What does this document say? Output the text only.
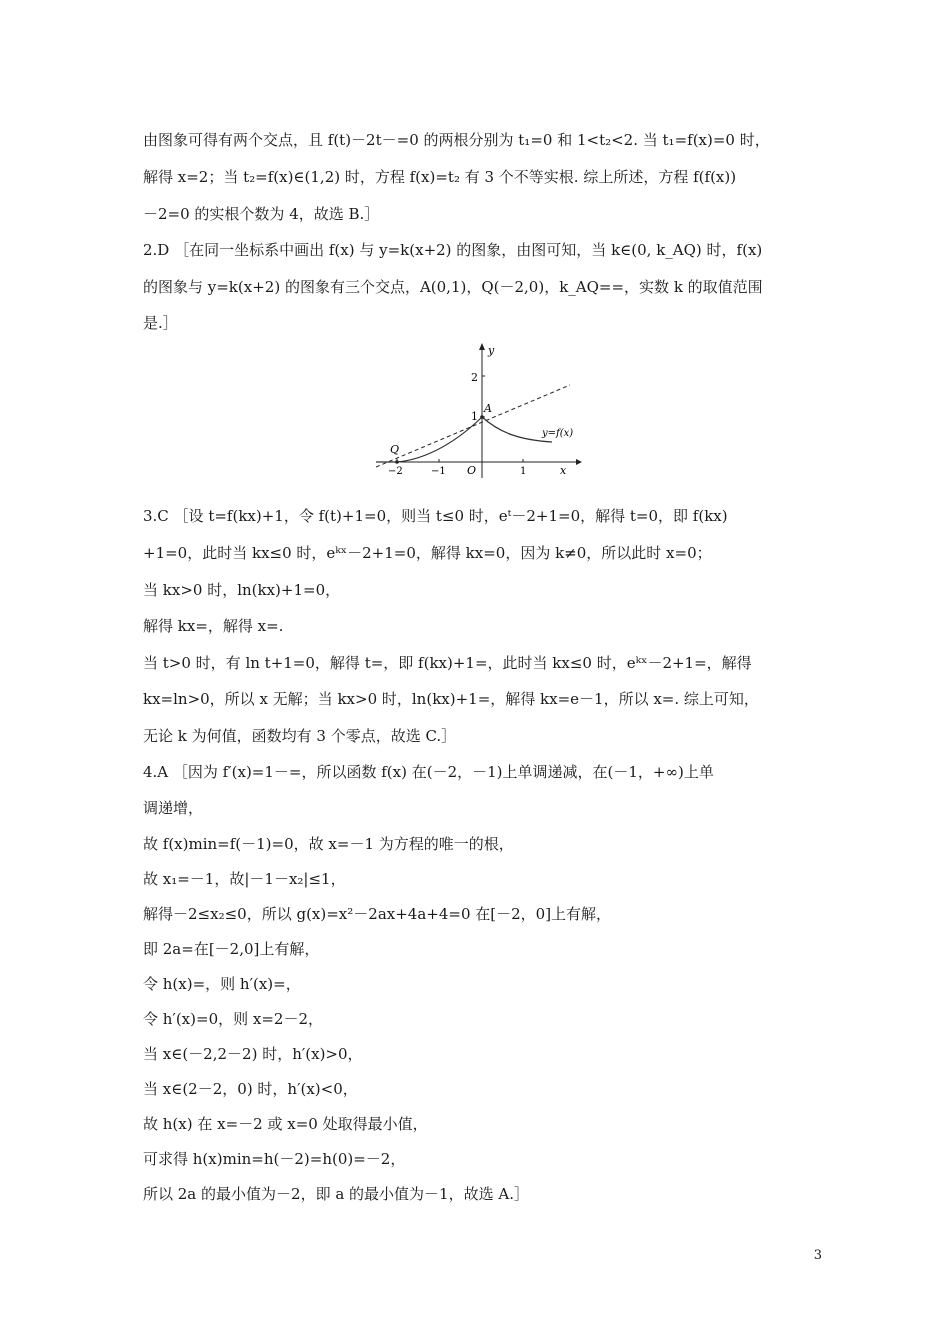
由图象可得有两个交点，且 f(t)－2t－=0 的两根分别为 t₁=0 和 1<t₂<2. 当 t₁=f(x)=0 时，
解得 x=2；当 t₂=f(x)∈(1,2) 时，方程 f(x)=t₂ 有 3 个不等实根. 综上所述，方程 f(f(x))
－2=0 的实根个数为 4，故选 B.］
2.D ［在同一坐标系中画出 f(x) 与 y=k(x+2) 的图象，由图可知，当 k∈(0, k_AQ) 时，f(x)
的图象与 y=k(x+2) 的图象有三个交点，A(0,1)，Q(－2,0)，k_AQ==，实数 k 的取值范围
是.］
y
x
O
2
1
−2	−1	1
A
Q
y=f(x)
3.C ［设 t=f(kx)+1，令 f(t)+1=0，则当 t≤0 时，eᵗ－2+1=0，解得 t=0，即 f(kx)
+1=0，此时当 kx≤0 时，eᵏˣ－2+1=0，解得 kx=0，因为 k≠0，所以此时 x=0；
当 kx>0 时，ln(kx)+1=0，
解得 kx=，解得 x=.
当 t>0 时，有 ln t+1=0，解得 t=，即 f(kx)+1=，此时当 kx≤0 时，eᵏˣ－2+1=，解得
kx=ln>0，所以 x 无解；当 kx>0 时，ln(kx)+1=，解得 kx=e－1，所以 x=. 综上可知，
无论 k 为何值，函数均有 3 个零点，故选 C.］
4.A ［因为 f′(x)=1－=，所以函数 f(x) 在(－2，－1)上单调递减，在(－1，+∞)上单
调递增，
故 f(x)min=f(－1)=0，故 x=－1 为方程的唯一的根，
故 x₁=－1，故|－1－x₂|≤1，
解得－2≤x₂≤0，所以 g(x)=x²－2ax+4a+4=0 在[－2，0]上有解，
即 2a=在[－2,0]上有解，
令 h(x)=，则 h′(x)=，
令 h′(x)=0，则 x=2－2，
当 x∈(－2,2－2) 时，h′(x)>0，
当 x∈(2－2，0) 时，h′(x)<0，
故 h(x) 在 x=－2 或 x=0 处取得最小值，
可求得 h(x)min=h(－2)=h(0)=－2，
所以 2a 的最小值为－2，即 a 的最小值为－1，故选 A.］
3
